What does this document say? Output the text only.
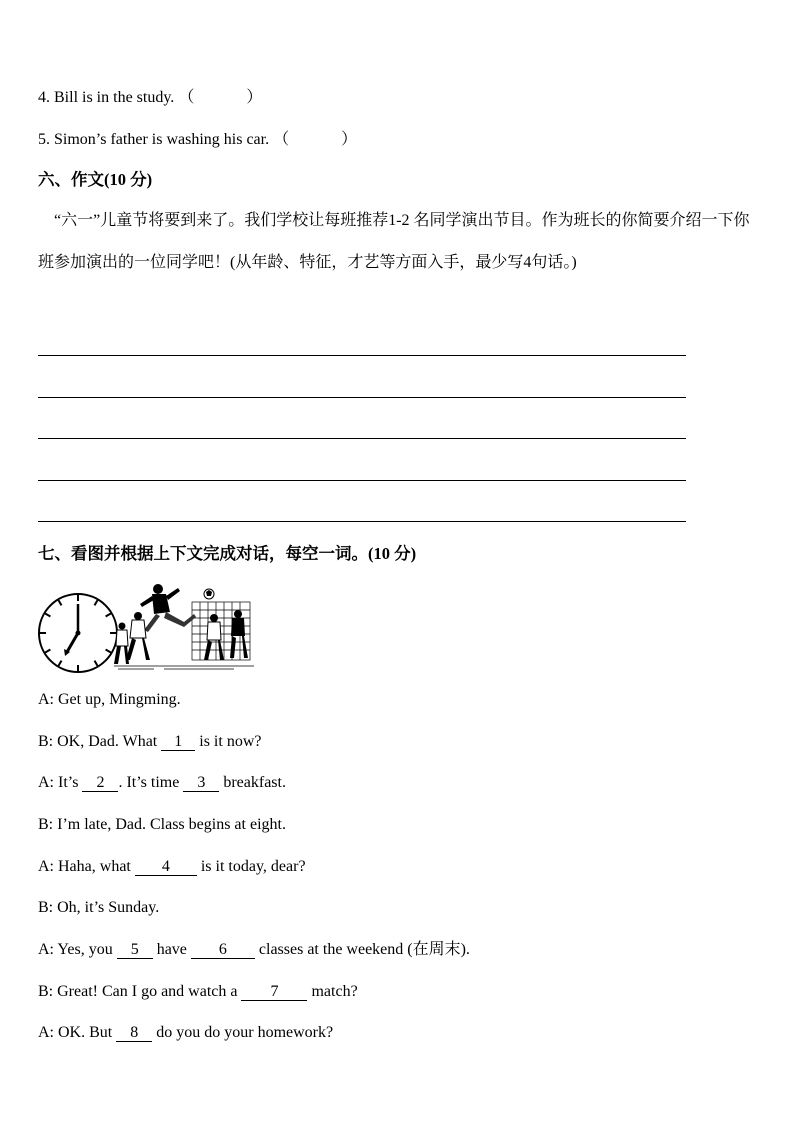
4. Bill is in the study. （	）
5. Simon’s father is washing his car. （	）
六、作文(10 分)
“六一”儿童节将要到来了。我们学校让每班推荐1-2 名同学演出节目。作为班长的你简要介绍一下你班参加演出的一位同学吧！(从年龄、特征，才艺等方面入手，最少写4句话。)
七、看图并根据上下文完成对话，每空一词。(10 分)
A: Get up, Mingming.
B: OK, Dad. What 1 is it now?
A: It’s 2 . It’s time 3 breakfast.
B: I’m late, Dad. Class begins at eight.
A: Haha, what 4 is it today, dear?
B: Oh, it’s Sunday.
A: Yes, you 5 have 6 classes at the weekend (在周末).
B: Great! Can I go and watch a 7 match?
A: OK. But 8 do you do your homework?
